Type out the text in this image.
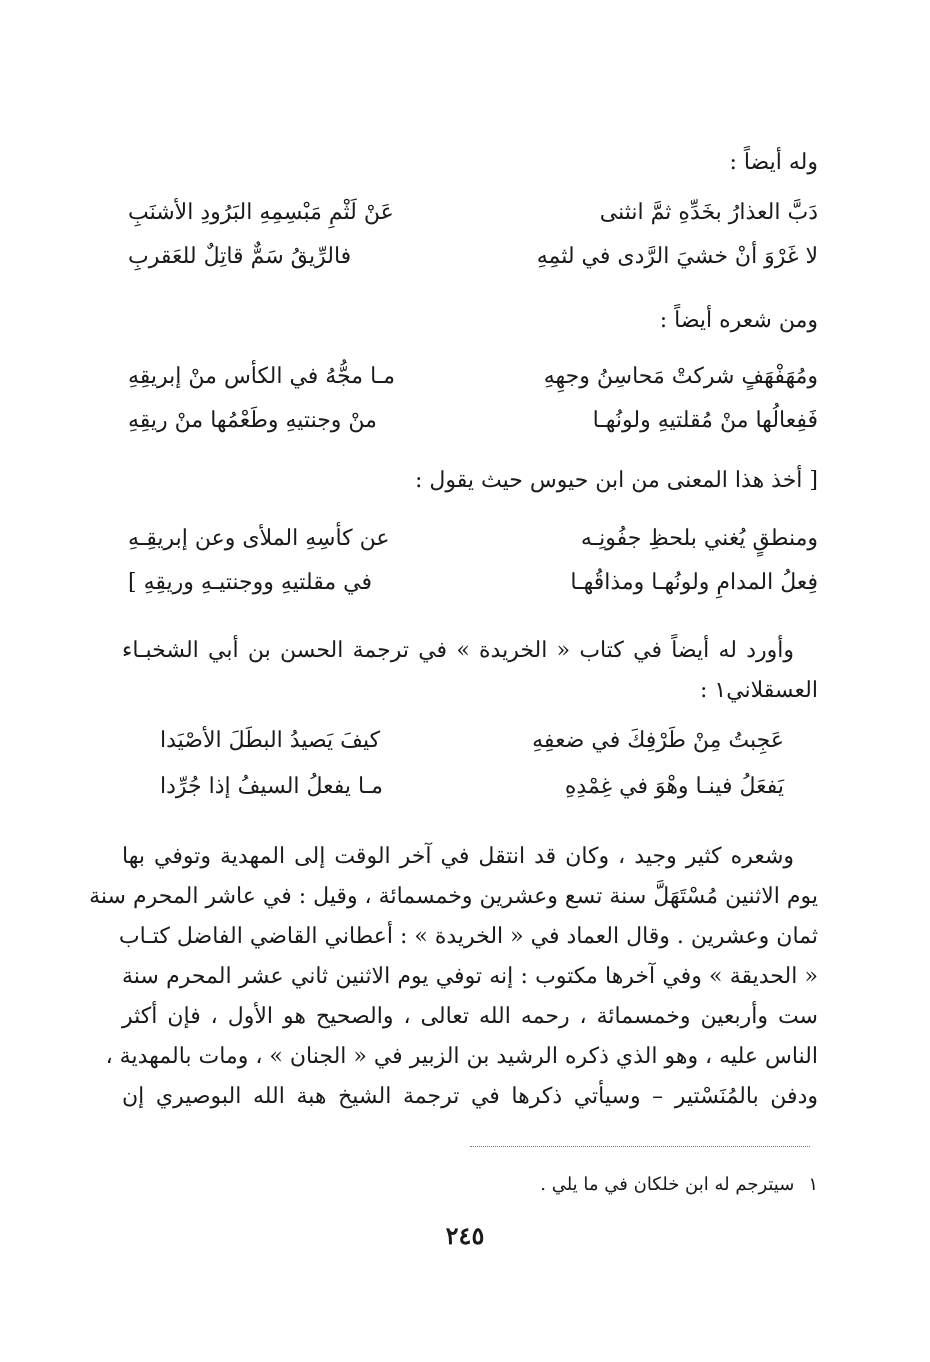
وله أيضاً :
دَبَّ العذارُ بخَدِّهِ ثمَّ انثنى
عَنْ لَثْمِ مَبْسِمِهِ البَرُودِ الأشنَبِ
لا غَرْوَ أنْ خشيَ الرَّدى في لثمِهِ
فالرِّيقُ سَمٌّ قاتِلٌ للعَقربِ
ومن شعره أيضاً :
ومُهَفْهَفٍ شركتْ مَحاسِنُ وجهِهِ
مـا مجُّهُ في الكأس منْ إبريقِهِ
فَفِعالُها منْ مُقلتيهِ ولونُهـا
منْ وجنتيهِ وطَعْمُها منْ ريقِهِ
[ أخذ هذا المعنى من ابن حيوس حيث يقول :
ومنطقٍ يُغني بلحظِ جفُونِـه
عن كأسِهِ الملأى وعن إبريقِـهِ
فِعلُ المدامِ ولونُهـا ومذاقُهـا
في مقلتيهِ ووجنتيـهِ وريقِهِ ]
وأورد له أيضاً في كتاب « الخريدة » في ترجمة الحسن بن أبي الشخبـاء
العسقلاني١ :
عَجِبتُ مِنْ طَرْفِكَ في ضعفِهِ
كيفَ يَصيدُ البطَلَ الأصْيَدا
يَفعَلُ فينـا وهْوَ في غِمْدِهِ
مـا يفعلُ السيفُ إذا جُرِّدا
وشعره كثير وجيد ، وكان قد انتقل في آخر الوقت إلى المهدية وتوفي بها
يوم الاثنين مُسْتَهَلَّ سنة تسع وعشرين وخمسمائة ، وقيل : في عاشر المحرم سنة
ثمان وعشرين . وقال العماد في « الخريدة » : أعطاني القاضي الفاضل كتـاب
« الحديقة » وفي آخرها مكتوب : إنه توفي يوم الاثنين ثاني عشر المحرم سنة
ست وأربعين وخمسمائة ، رحمه الله تعالى ، والصحيح هو الأول ، فإن أكثر
الناس عليه ، وهو الذي ذكره الرشيد بن الزبير في « الجنان » ، ومات بالمهدية ،
ودفن بالمُنَسْتير – وسيأتي ذكرها في ترجمة الشيخ هبة الله البوصيري إن
١سيترجم له ابن خلكان في ما يلي .
٢٤٥
